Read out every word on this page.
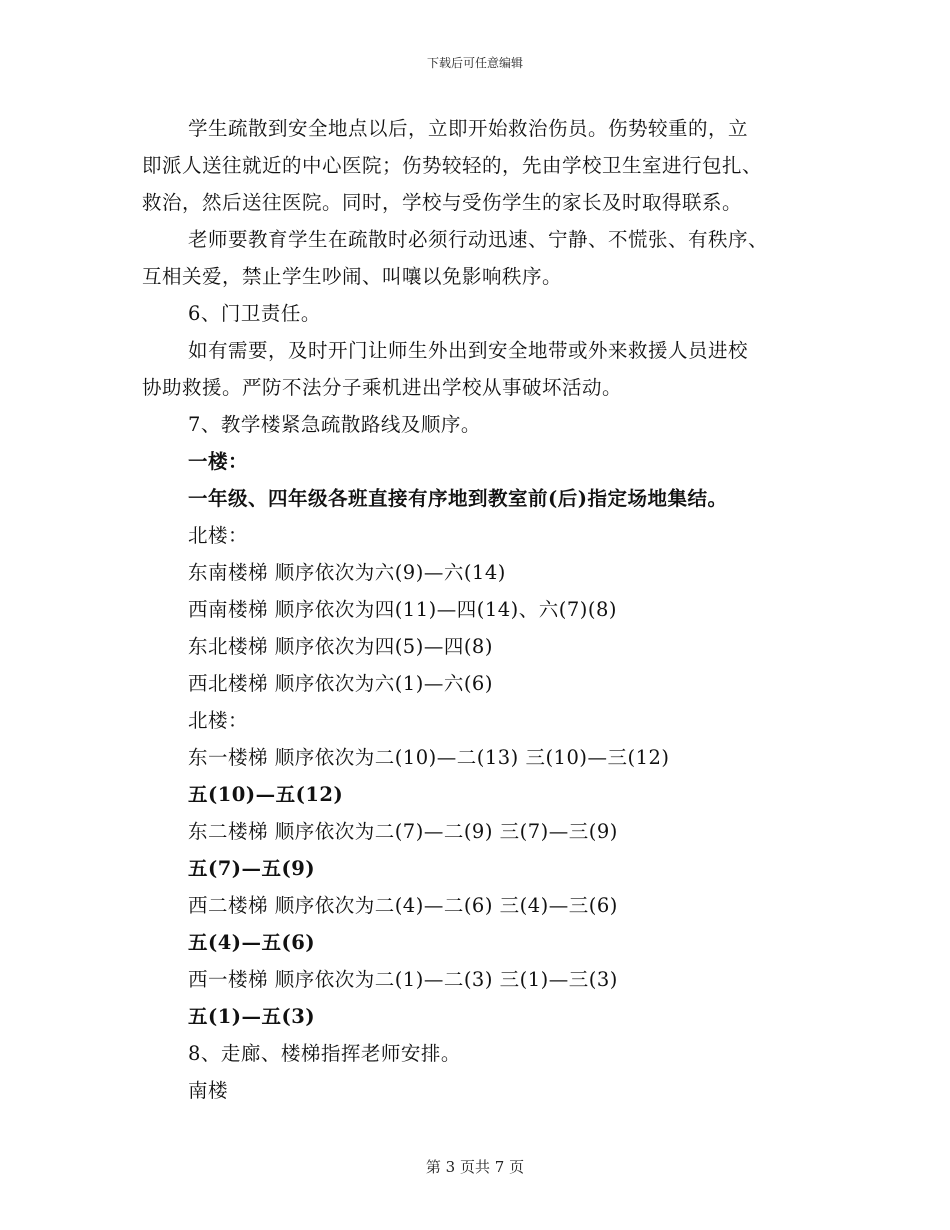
下载后可任意编辑
学生疏散到安全地点以后，立即开始救治伤员。伤势较重的，立
即派人送往就近的中心医院；伤势较轻的，先由学校卫生室进行包扎、
救治，然后送往医院。同时，学校与受伤学生的家长及时取得联系。
老师要教育学生在疏散时必须行动迅速、宁静、不慌张、有秩序、
互相关爱，禁止学生吵闹、叫嚷以免影响秩序。
6、门卫责任。
如有需要，及时开门让师生外出到安全地带或外来救援人员进校
协助救援。严防不法分子乘机进出学校从事破坏活动。
7、教学楼紧急疏散路线及顺序。
一楼：
一年级、四年级各班直接有序地到教室前(后)指定场地集结。
北楼：
东南楼梯 顺序依次为六(9)—六(14)
西南楼梯 顺序依次为四(11)—四(14)、六(7)(8)
东北楼梯 顺序依次为四(5)—四(8)
西北楼梯 顺序依次为六(1)—六(6)
北楼：
东一楼梯 顺序依次为二(10)—二(13) 三(10)—三(12)
五(10)—五(12)
东二楼梯 顺序依次为二(7)—二(9) 三(7)—三(9)
五(7)—五(9)
西二楼梯 顺序依次为二(4)—二(6) 三(4)—三(6)
五(4)—五(6)
西一楼梯 顺序依次为二(1)—二(3) 三(1)—三(3)
五(1)—五(3)
8、走廊、楼梯指挥老师安排。
南楼
第 3 页共 7 页
